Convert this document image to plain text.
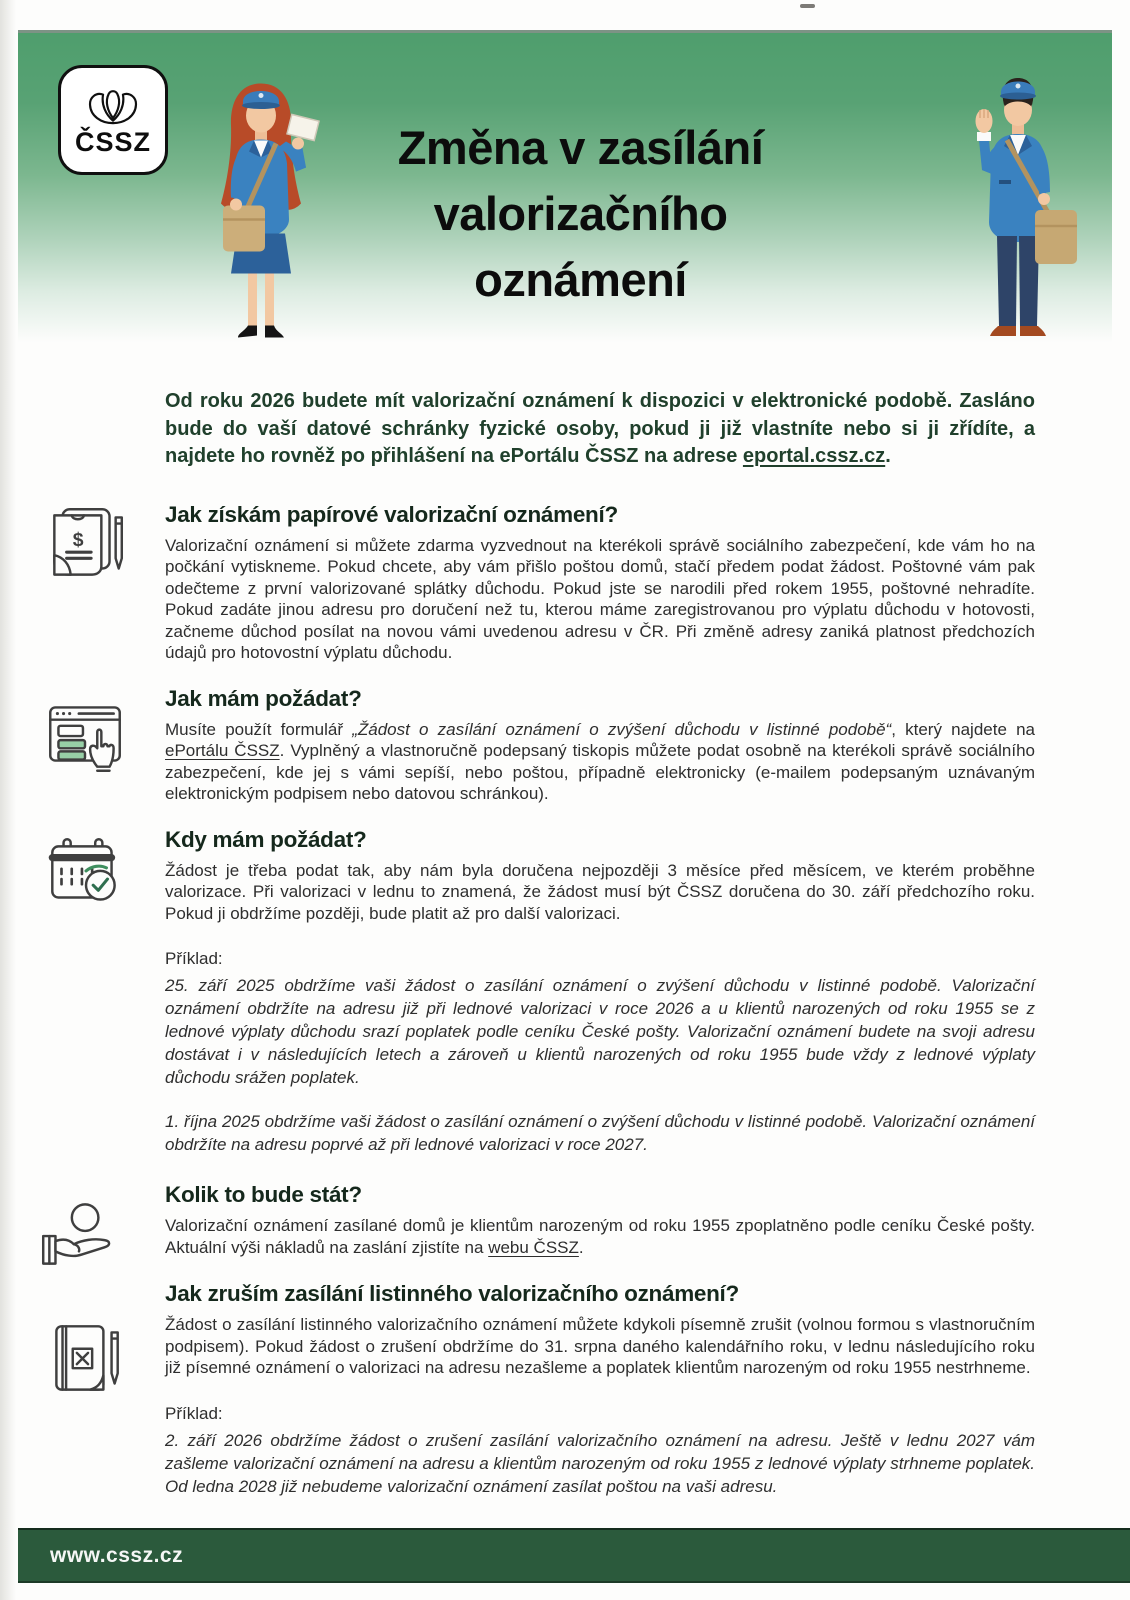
ČSSZ	Změna v zasílání
valorizačního
oznámení

Od roku 2026 budete mít valorizační oznámení k dispozici v elektronické podobě. Zasláno bude do vaší datové schránky fyzické osoby, pokud ji již vlastníte nebo si ji zřídíte, a najdete ho rovněž po přihlášení na ePortálu ČSSZ na adrese eportal.cssz.cz.

$
Jak získám papírové valorizační oznámení?

Valorizační oznámení si můžete zdarma vyzvednout na kterékoli správě sociálního zabezpečení, kde vám ho na počkání vytiskneme. Pokud chcete, aby vám přišlo poštou domů, stačí předem podat žádost. Poštovné vám pak odečteme z první valorizované splátky důchodu. Pokud jste se narodili před rokem 1955, poštovné nehradíte. Pokud zadáte jinou adresu pro doručení než tu, kterou máme zaregistrovanou pro výplatu důchodu v hotovosti, začneme důchod posílat na novou vámi uvedenou adresu v ČR. Při změně adresy zaniká platnost předchozích údajů pro hotovostní výplatu důchodu.

Jak mám požádat?

Musíte použít formulář „Žádost o zasílání oznámení o zvýšení důchodu v listinné podobě“, který najdete na ePortálu ČSSZ. Vyplněný a vlastnoručně podepsaný tiskopis můžete podat osobně na kterékoli správě sociálního zabezpečení, kde jej s vámi sepíší, nebo poštou, případně elektronicky (e-mailem podepsaným uznávaným elektronickým podpisem nebo datovou schránkou).

Kdy mám požádat?

Žádost je třeba podat tak, aby nám byla doručena nejpozději 3 měsíce před měsícem, ve kterém proběhne valorizace. Při valorizaci v lednu to znamená, že žádost musí být ČSSZ doručena do 30. září předchozího roku. Pokud ji obdržíme později, bude platit až pro další valorizaci.

Příklad:

25. září 2025 obdržíme vaši žádost o zasílání oznámení o zvýšení důchodu v listinné podobě. Valorizační oznámení obdržíte na adresu již při lednové valorizaci v roce 2026 a u klientů narozených od roku 1955 se z lednové výplaty důchodu srazí poplatek podle ceníku České pošty. Valorizační oznámení budete na svoji adresu dostávat i v následujících letech a zároveň u klientů narozených od roku 1955 bude vždy z lednové výplaty důchodu srážen poplatek.

1. října 2025 obdržíme vaši žádost o zasílání oznámení o zvýšení důchodu v listinné podobě. Valorizační oznámení obdržíte na adresu poprvé až při lednové valorizaci v roce 2027.

Kolik to bude stát?

Valorizační oznámení zasílané domů je klientům narozeným od roku 1955 zpoplatněno podle ceníku České pošty. Aktuální výši nákladů na zaslání zjistíte na webu ČSSZ.

Jak zruším zasílání listinného valorizačního oznámení?

Žádost o zasílání listinného valorizačního oznámení můžete kdykoli písemně zrušit (volnou formou s vlastnoručním podpisem). Pokud žádost o zrušení obdržíme do 31. srpna daného kalendářního roku, v lednu následujícího roku již písemné oznámení o valorizaci na adresu nezašleme a poplatek klientům narozeným od roku 1955 nestrhneme.

Příklad:

2. září 2026 obdržíme žádost o zrušení zasílání valorizačního oznámení na adresu. Ještě v lednu 2027 vám zašleme valorizační oznámení na adresu a klientům narozeným od roku 1955 z lednové výplaty strhneme poplatek. Od ledna 2028 již nebudeme valorizační oznámení zasílat poštou na vaši adresu.

www.cssz.cz
